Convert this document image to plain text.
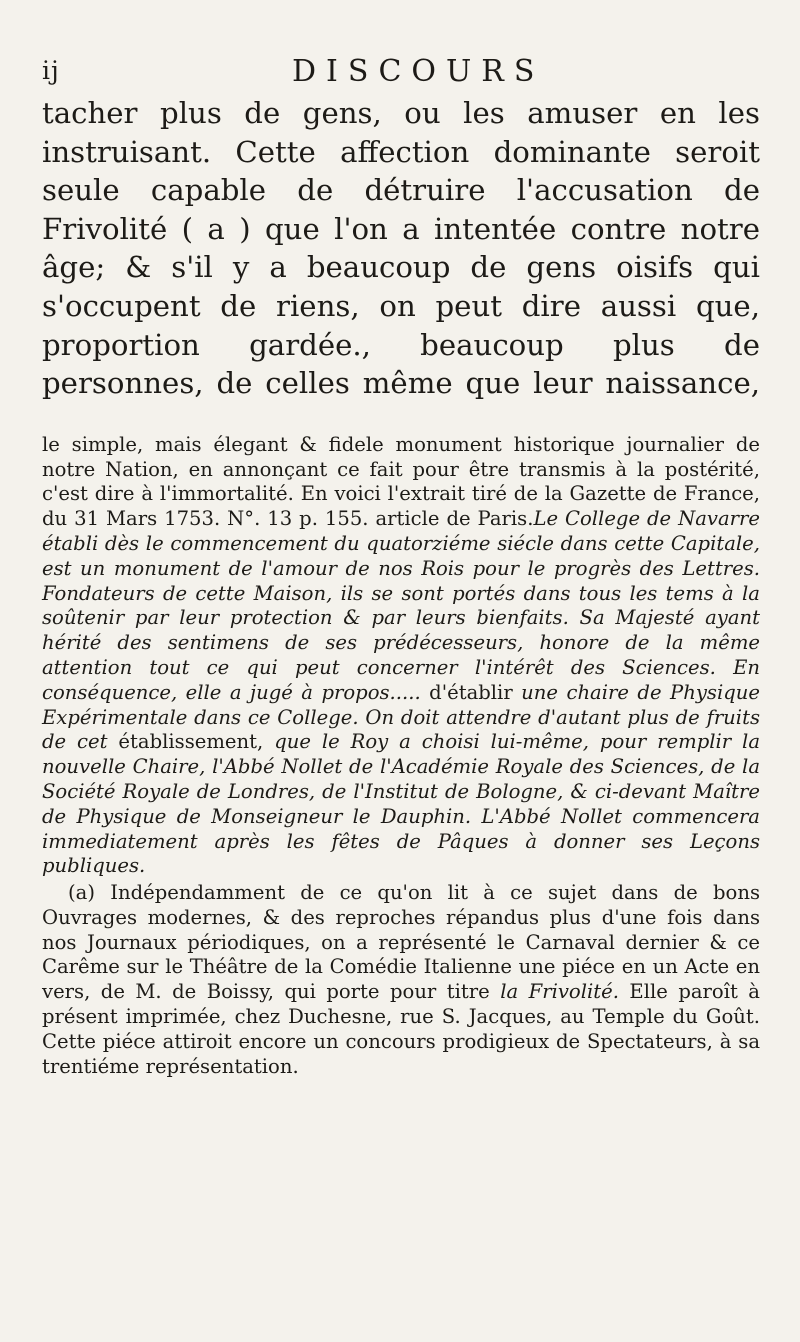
ij	DISCOURS

tacher plus de gens, ou les amuser en les instruisant. Cette affection dominante seroit seule capable de détruire l'accusation de Frivolité ( a ) que l'on a intentée contre notre âge; & s'il y a beaucoup de gens oisifs qui s'occupent de riens, on peut dire aussi que, proportion gardée., beaucoup plus de personnes, de celles même que leur naissance,

le simple, mais élegant & fidele monument historique journalier de notre Nation, en annonçant ce fait pour être transmis à la postérité, c'est dire à l'immortalité. En voici l'extrait tiré de la Gazette de France, du 31 Mars 1753. N°. 13 p. 155. article de Paris.Le College de Navarre établi dès le commencement du quatorziéme siécle dans cette Capitale, est un monument de l'amour de nos Rois pour le progrès des Lettres. Fondateurs de cette Maison, ils se sont portés dans tous les tems à la soûtenir par leur protection & par leurs bienfaits. Sa Majesté ayant hérité des sentimens de ses prédécesseurs, honore de la même attention tout ce qui peut concerner l'intérêt des Sciences. En conséquence, elle a jugé à propos..... d'établir une chaire de Physique Expérimentale dans ce College. On doit attendre d'autant plus de fruits de cet établissement, que le Roy a choisi lui-même, pour remplir la nouvelle Chaire, l'Abbé Nollet de l'Académie Royale des Sciences, de la Société Royale de Londres, de l'Institut de Bologne, & ci-devant Maître de Physique de Monseigneur le Dauphin. L'Abbé Nollet commencera immediatement après les fêtes de Pâques à donner ses Leçons publiques.

(a) Indépendamment de ce qu'on lit à ce sujet dans de bons Ouvrages modernes, & des reproches répandus plus d'une fois dans nos Journaux périodiques, on a représenté le Carnaval dernier & ce Carême sur le Théâtre de la Comédie Italienne une piéce en un Acte en vers, de M. de Boissy, qui porte pour titre la Frivolité. Elle paroît à présent imprimée, chez Duchesne, rue S. Jacques, au Temple du Goût. Cette piéce attiroit encore un concours prodigieux de Spectateurs, à sa trentiéme représentation.
